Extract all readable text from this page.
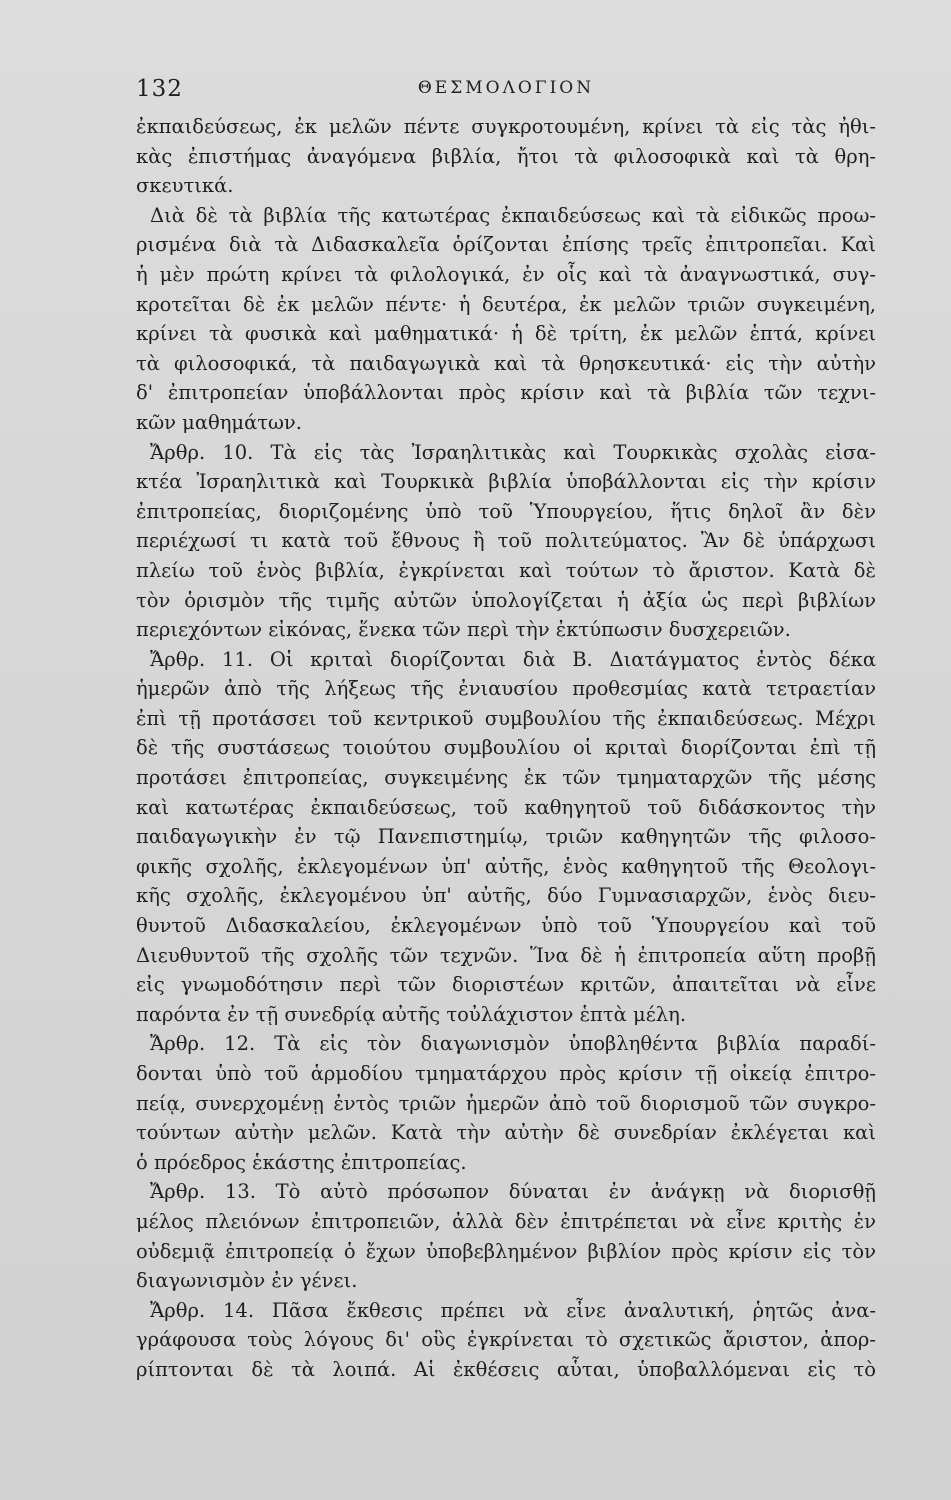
132	ΘΕΣΜΟΛΟΓΙΟΝ
ἐκπαιδεύσεως, ἐκ μελῶν πέντε συγκροτουμένη, κρίνει τὰ εἰς τὰς ἠθι-
κὰς ἐπιστήμας ἀναγόμενα βιβλία, ἤτοι τὰ φιλοσοφικὰ καὶ τὰ θρη-
σκευτικά.
Διὰ δὲ τὰ βιβλία τῆς κατωτέρας ἐκπαιδεύσεως καὶ τὰ εἰδικῶς προω-
ρισμένα διὰ τὰ Διδασκαλεῖα ὁρίζονται ἐπίσης τρεῖς ἐπιτροπεῖαι. Καὶ
ἡ μὲν πρώτη κρίνει τὰ φιλολογικά, ἐν οἷς καὶ τὰ ἀναγνωστικά, συγ-
κροτεῖται δὲ ἐκ μελῶν πέντε· ἡ δευτέρα, ἐκ μελῶν τριῶν συγκειμένη,
κρίνει τὰ φυσικὰ καὶ μαθηματικά· ἡ δὲ τρίτη, ἐκ μελῶν ἑπτά, κρίνει
τὰ φιλοσοφικά, τὰ παιδαγωγικὰ καὶ τὰ θρησκευτικά· εἰς τὴν αὐτὴν
δ' ἐπιτροπείαν ὑποβάλλονται πρὸς κρίσιν καὶ τὰ βιβλία τῶν τεχνι-
κῶν μαθημάτων.
Ἄρθρ. 10. Τὰ εἰς τὰς Ἰσραηλιτικὰς καὶ Τουρκικὰς σχολὰς εἰσα-
κτέα Ἰσραηλιτικὰ καὶ Τουρκικὰ βιβλία ὑποβάλλονται εἰς τὴν κρίσιν
ἐπιτροπείας, διοριζομένης ὑπὸ τοῦ Ὑπουργείου, ἥτις δηλοῖ ἂν δὲν
περιέχωσί τι κατὰ τοῦ ἔθνους ἢ τοῦ πολιτεύματος. Ἂν δὲ ὑπάρχωσι
πλείω τοῦ ἑνὸς βιβλία, ἐγκρίνεται καὶ τούτων τὸ ἄριστον. Κατὰ δὲ
τὸν ὁρισμὸν τῆς τιμῆς αὐτῶν ὑπολογίζεται ἡ ἀξία ὡς περὶ βιβλίων
περιεχόντων εἰκόνας, ἕνεκα τῶν περὶ τὴν ἐκτύπωσιν δυσχερειῶν.
Ἄρθρ. 11. Οἱ κριταὶ διορίζονται διὰ Β. Διατάγματος ἐντὸς δέκα
ἡμερῶν ἀπὸ τῆς λήξεως τῆς ἐνιαυσίου προθεσμίας κατὰ τετραετίαν
ἐπὶ τῇ προτάσσει τοῦ κεντρικοῦ συμβουλίου τῆς ἐκπαιδεύσεως. Μέχρι
δὲ τῆς συστάσεως τοιούτου συμβουλίου οἱ κριταὶ διορίζονται ἐπὶ τῇ
προτάσει ἐπιτροπείας, συγκειμένης ἐκ τῶν τμηματαρχῶν τῆς μέσης
καὶ κατωτέρας ἐκπαιδεύσεως, τοῦ καθηγητοῦ τοῦ διδάσκοντος τὴν
παιδαγωγικὴν ἐν τῷ Πανεπιστημίῳ, τριῶν καθηγητῶν τῆς φιλοσο-
φικῆς σχολῆς, ἐκλεγομένων ὑπ' αὐτῆς, ἑνὸς καθηγητοῦ τῆς Θεολογι-
κῆς σχολῆς, ἐκλεγομένου ὑπ' αὐτῆς, δύο Γυμνασιαρχῶν, ἑνὸς διευ-
θυντοῦ Διδασκαλείου, ἐκλεγομένων ὑπὸ τοῦ Ὑπουργείου καὶ τοῦ
Διευθυντοῦ τῆς σχολῆς τῶν τεχνῶν. Ἵνα δὲ ἡ ἐπιτροπεία αὕτη προβῇ
εἰς γνωμοδότησιν περὶ τῶν διοριστέων κριτῶν, ἀπαιτεῖται νὰ εἶνε
παρόντα ἐν τῇ συνεδρίᾳ αὐτῆς τοὐλάχιστον ἑπτὰ μέλη.
Ἄρθρ. 12. Τὰ εἰς τὸν διαγωνισμὸν ὑποβληθέντα βιβλία παραδί-
δονται ὑπὸ τοῦ ἁρμοδίου τμηματάρχου πρὸς κρίσιν τῇ οἰκείᾳ ἐπιτρο-
πείᾳ, συνερχομένῃ ἐντὸς τριῶν ἡμερῶν ἀπὸ τοῦ διορισμοῦ τῶν συγκρο-
τούντων αὐτὴν μελῶν. Κατὰ τὴν αὐτὴν δὲ συνεδρίαν ἐκλέγεται καὶ
ὁ πρόεδρος ἑκάστης ἐπιτροπείας.
Ἄρθρ. 13. Τὸ αὐτὸ πρόσωπον δύναται ἐν ἀνάγκῃ νὰ διορισθῇ
μέλος πλειόνων ἐπιτροπειῶν, ἀλλὰ δὲν ἐπιτρέπεται νὰ εἶνε κριτὴς ἐν
οὐδεμιᾷ ἐπιτροπείᾳ ὁ ἔχων ὑποβεβλημένον βιβλίον πρὸς κρίσιν εἰς τὸν
διαγωνισμὸν ἐν γένει.
Ἄρθρ. 14. Πᾶσα ἔκθεσις πρέπει νὰ εἶνε ἀναλυτική, ῥητῶς ἀνα-
γράφουσα τοὺς λόγους δι' οὓς ἐγκρίνεται τὸ σχετικῶς ἄριστον, ἀπορ-
ρίπτονται δὲ τὰ λοιπά. Αἱ ἐκθέσεις αὗται, ὑποβαλλόμεναι εἰς τὸ
